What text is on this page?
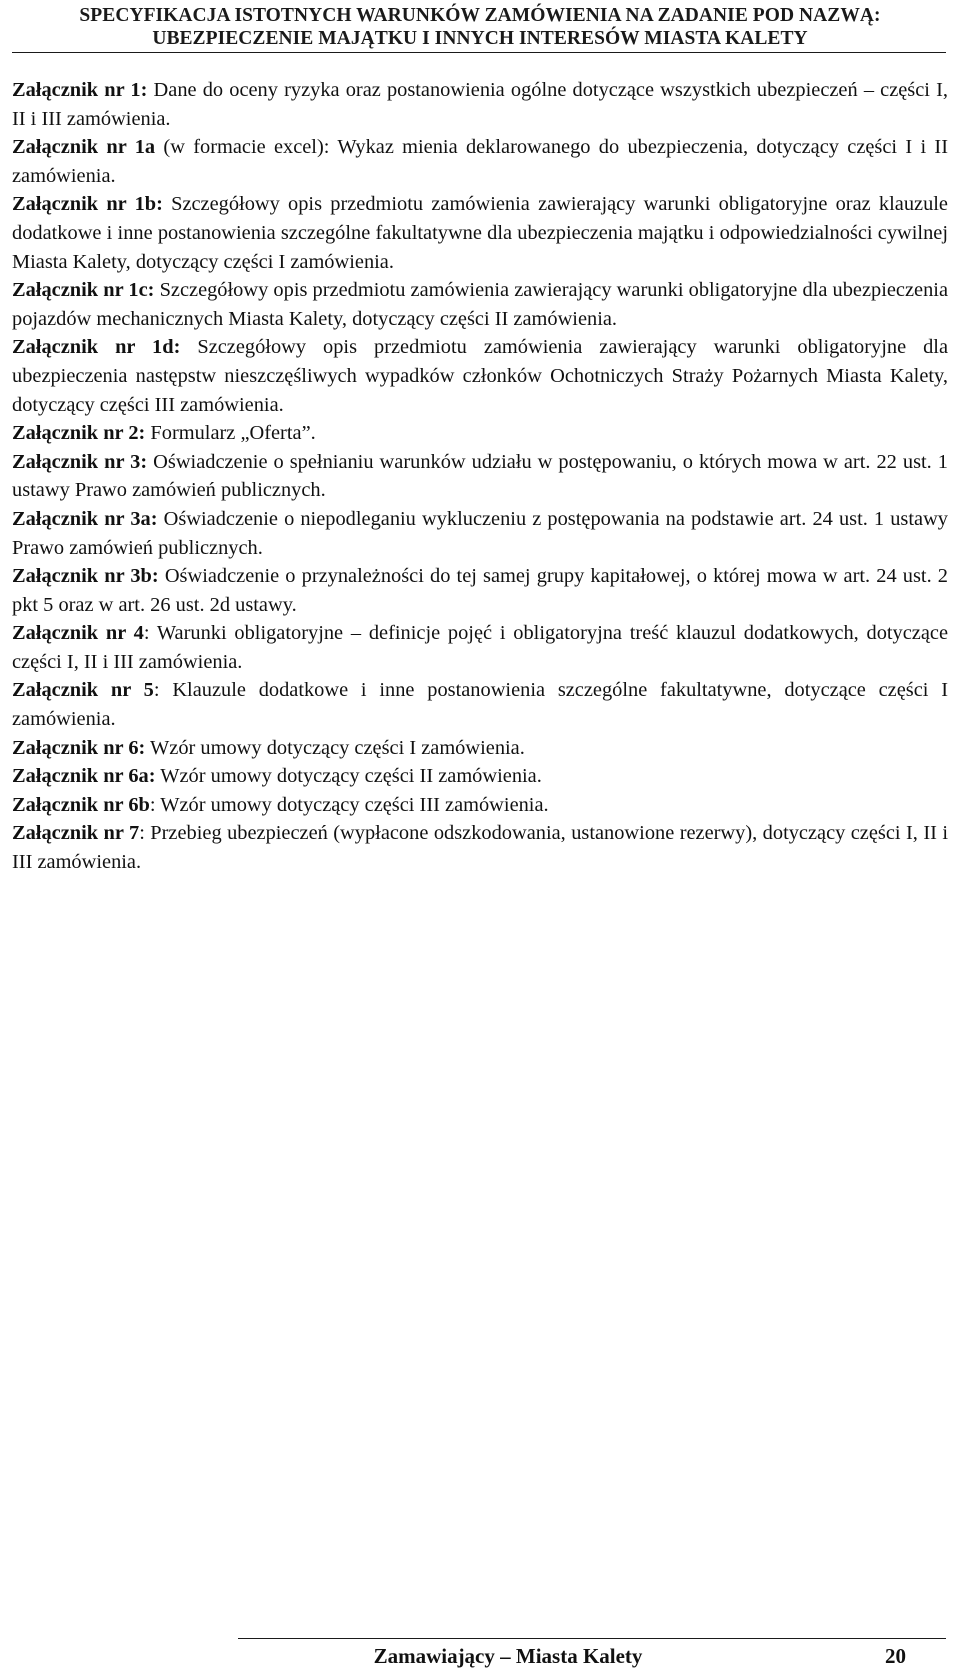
SPECYFIKACJA ISTOTNYCH WARUNKÓW ZAMÓWIENIA NA ZADANIE POD NAZWĄ:
UBEZPIECZENIE MAJĄTKU I INNYCH INTERESÓW MIASTA KALETY

Załącznik nr 1: Dane do oceny ryzyka oraz postanowienia ogólne dotyczące wszystkich ubezpieczeń – części I, II i III zamówienia.

Załącznik nr 1a (w formacie excel): Wykaz mienia deklarowanego do ubezpieczenia, dotyczący części I i II zamówienia.

Załącznik nr 1b: Szczegółowy opis przedmiotu zamówienia zawierający warunki obligatoryjne oraz klauzule dodatkowe i inne postanowienia szczególne fakultatywne dla ubezpieczenia majątku i odpowiedzialności cywilnej Miasta Kalety, dotyczący części I zamówienia.

Załącznik nr 1c: Szczegółowy opis przedmiotu zamówienia zawierający warunki obligatoryjne dla ubezpieczenia pojazdów mechanicznych Miasta Kalety, dotyczący części II zamówienia.

Załącznik nr 1d: Szczegółowy opis przedmiotu zamówienia zawierający warunki obligatoryjne dla ubezpieczenia następstw nieszczęśliwych wypadków członków Ochotniczych Straży Pożarnych Miasta Kalety, dotyczący części III zamówienia.

Załącznik nr 2: Formularz „Oferta”.

Załącznik nr 3: Oświadczenie o spełnianiu warunków udziału w postępowaniu, o których mowa w art. 22 ust. 1 ustawy Prawo zamówień publicznych.

Załącznik nr 3a: Oświadczenie o niepodleganiu wykluczeniu z postępowania na podstawie art. 24 ust. 1 ustawy Prawo zamówień publicznych.

Załącznik nr 3b: Oświadczenie o przynależności do tej samej grupy kapitałowej, o której mowa w art. 24 ust. 2 pkt 5 oraz w art. 26 ust. 2d ustawy.

Załącznik nr 4: Warunki obligatoryjne – definicje pojęć i obligatoryjna treść klauzul dodatkowych, dotyczące części I, II i III zamówienia.

Załącznik nr 5: Klauzule dodatkowe i inne postanowienia szczególne fakultatywne, dotyczące części I zamówienia.

Załącznik nr 6: Wzór umowy dotyczący części I zamówienia.

Załącznik nr 6a: Wzór umowy dotyczący części II zamówienia.

Załącznik nr 6b: Wzór umowy dotyczący części III zamówienia.

Załącznik nr 7: Przebieg ubezpieczeń (wypłacone odszkodowania, ustanowione rezerwy), dotyczący części I, II i III zamówienia.

Zamawiający – Miasta Kalety	20
